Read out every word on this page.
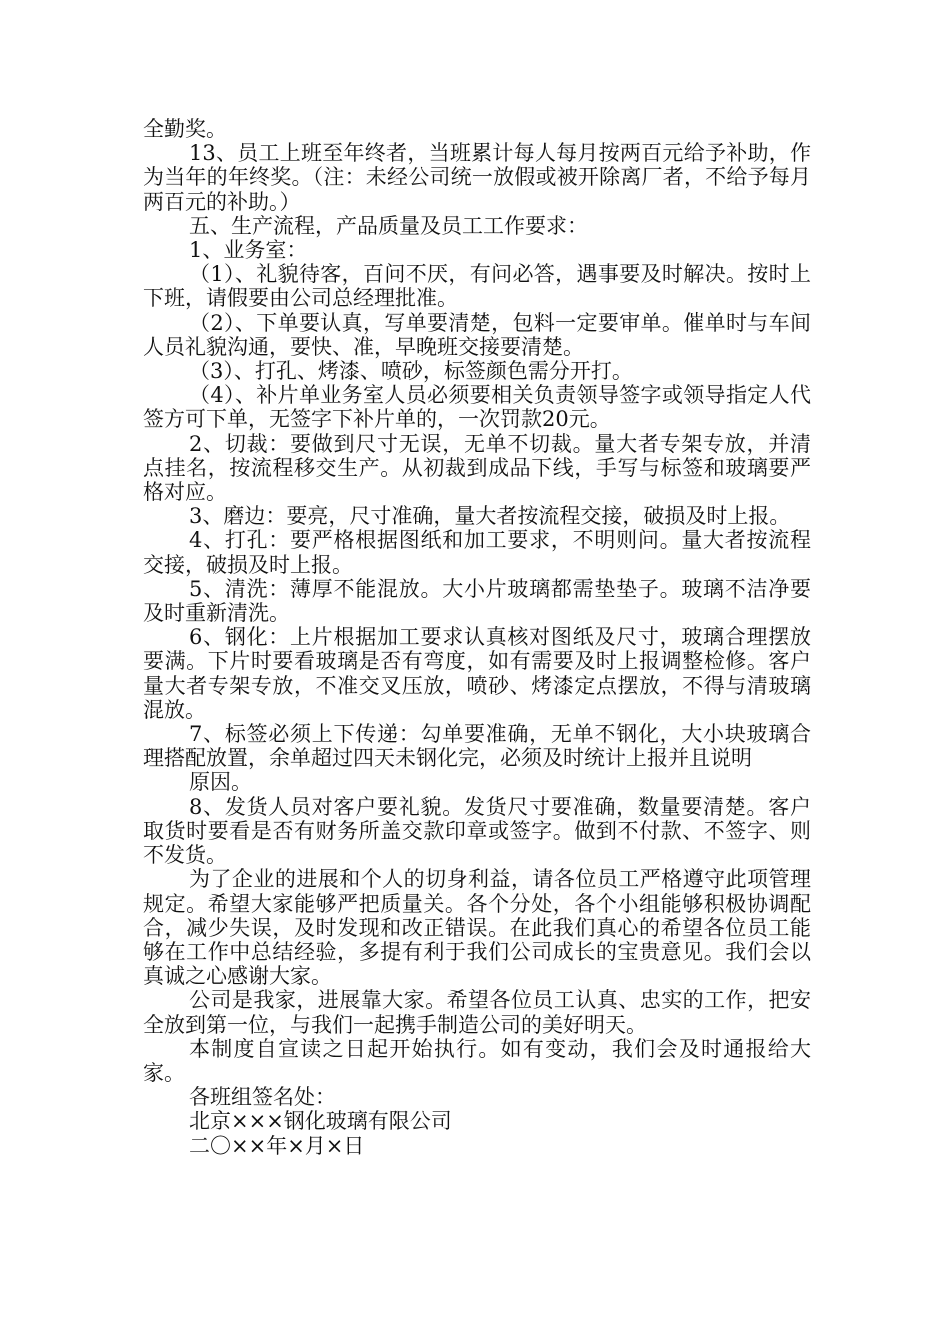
全勤奖。

13、员工上班至年终者，当班累计每人每月按两百元给予补助，作为当年的年终奖。（注：未经公司统一放假或被开除离厂者，不给予每月两百元的补助。）

五、生产流程，产品质量及员工工作要求：

1、业务室：

（1）、礼貌待客，百问不厌，有问必答，遇事要及时解决。按时上下班，请假要由公司总经理批准。

（2）、下单要认真，写单要清楚，包料一定要审单。催单时与车间人员礼貌沟通，要快、准，早晚班交接要清楚。

（3）、打孔、烤漆、喷砂，标签颜色需分开打。

（4）、补片单业务室人员必须要相关负责领导签字或领导指定人代签方可下单，无签字下补片单的，一次罚款20元。

2、切裁：要做到尺寸无误，无单不切裁。量大者专架专放，并清点挂名，按流程移交生产。从初裁到成品下线，手写与标签和玻璃要严格对应。

3、磨边：要亮，尺寸准确，量大者按流程交接，破损及时上报。

4、打孔：要严格根据图纸和加工要求，不明则问。量大者按流程交接，破损及时上报。

5、清洗：薄厚不能混放。大小片玻璃都需垫垫子。玻璃不洁净要及时重新清洗。

6、钢化：上片根据加工要求认真核对图纸及尺寸，玻璃合理摆放要满。下片时要看玻璃是否有弯度，如有需要及时上报调整检修。客户量大者专架专放，不准交叉压放，喷砂、烤漆定点摆放，不得与清玻璃混放。

7、标签必须上下传递：勾单要准确，无单不钢化，大小块玻璃合理搭配放置，余单超过四天未钢化完，必须及时统计上报并且说明

原因。

8、发货人员对客户要礼貌。发货尺寸要准确，数量要清楚。客户取货时要看是否有财务所盖交款印章或签字。做到不付款、不签字、则不发货。

为了企业的进展和个人的切身利益，请各位员工严格遵守此项管理规定。希望大家能够严把质量关。各个分处，各个小组能够积极协调配合，减少失误，及时发现和改正错误。在此我们真心的希望各位员工能够在工作中总结经验，多提有利于我们公司成长的宝贵意见。我们会以真诚之心感谢大家。

公司是我家，进展靠大家。希望各位员工认真、忠实的工作，把安全放到第一位，与我们一起携手制造公司的美好明天。

本制度自宣读之日起开始执行。如有变动，我们会及时通报给大家。

各班组签名处：

北京×××钢化玻璃有限公司

二〇××年×月×日
